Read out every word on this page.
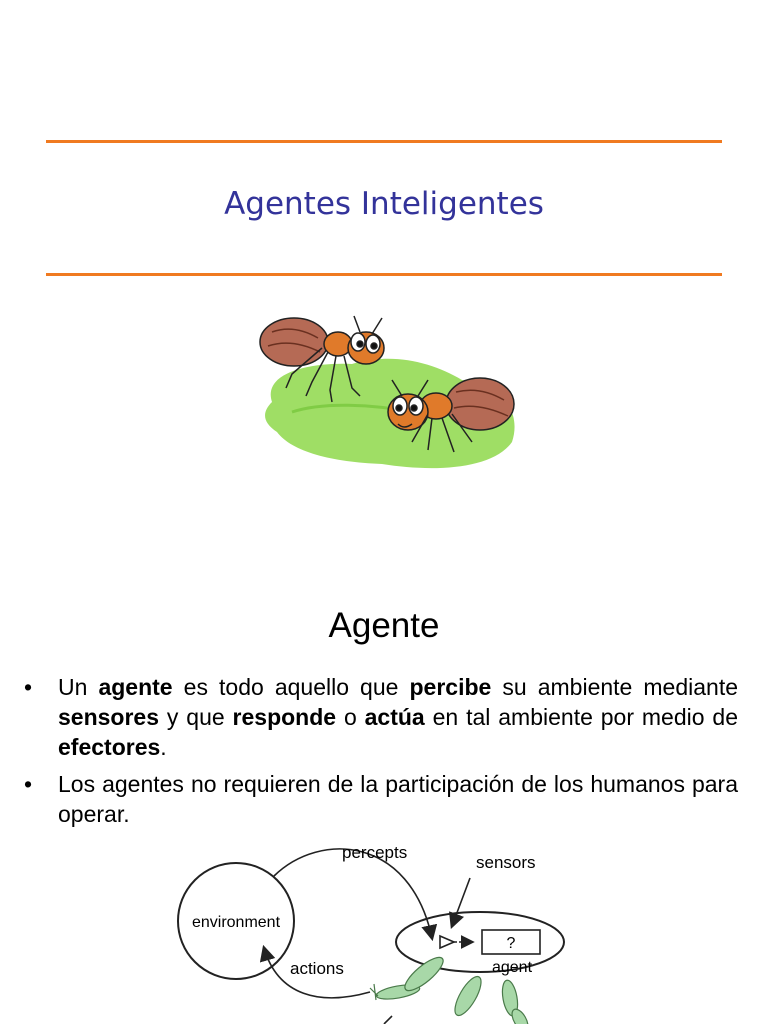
Agentes Inteligentes
Agente
• Un agente es todo aquello que percibe su ambiente mediante sensores y que responde o actúa en tal ambiente por medio de efectores.
• Los agentes no requieren de la participación de los humanos para operar.
environment
percepts
sensors
?
agent
actions
